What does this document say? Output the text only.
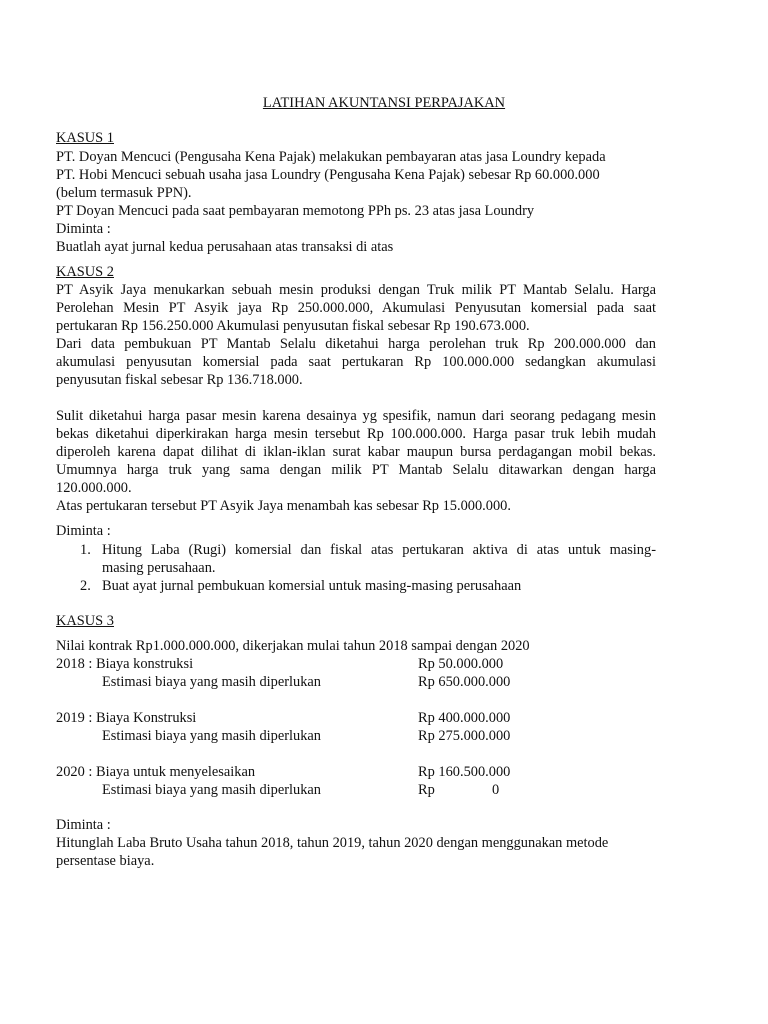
LATIHAN AKUNTANSI PERPAJAKAN
KASUS 1
PT. Doyan Mencuci (Pengusaha Kena Pajak) melakukan pembayaran atas jasa Loundry kepada
PT. Hobi Mencuci sebuah usaha jasa Loundry (Pengusaha Kena Pajak) sebesar Rp 60.000.000
(belum termasuk PPN).
PT Doyan Mencuci pada saat pembayaran memotong PPh ps. 23 atas jasa Loundry
Diminta :
Buatlah ayat jurnal kedua perusahaan atas transaksi di atas
KASUS 2
PT Asyik Jaya menukarkan sebuah mesin produksi dengan Truk milik PT Mantab Selalu. Harga
Perolehan Mesin PT Asyik jaya Rp 250.000.000, Akumulasi Penyusutan komersial pada saat
pertukaran Rp 156.250.000 Akumulasi penyusutan fiskal sebesar Rp 190.673.000.
Dari data pembukuan PT Mantab Selalu diketahui harga perolehan truk Rp 200.000.000 dan
akumulasi penyusutan komersial pada saat pertukaran Rp 100.000.000 sedangkan akumulasi
penyusutan fiskal sebesar Rp 136.718.000.
Sulit diketahui harga pasar mesin karena desainya yg spesifik, namun dari seorang pedagang mesin
bekas diketahui diperkirakan harga mesin tersebut Rp 100.000.000. Harga pasar truk lebih mudah
diperoleh karena dapat dilihat di iklan-iklan surat kabar maupun bursa perdagangan mobil bekas.
Umumnya harga truk yang sama dengan milik PT Mantab Selalu ditawarkan dengan harga
120.000.000.
Atas pertukaran tersebut PT Asyik Jaya menambah kas sebesar Rp 15.000.000.
Diminta :
1. Hitung Laba (Rugi) komersial dan fiskal atas pertukaran aktiva di atas untuk masing-
masing perusahaan.
2. Buat ayat jurnal pembukuan komersial untuk masing-masing perusahaan
KASUS 3
Nilai kontrak Rp1.000.000.000, dikerjakan mulai tahun 2018 sampai dengan 2020
2018 : Biaya konstruksi	Rp 50.000.000
Estimasi biaya yang masih diperlukan	Rp 650.000.000
2019 : Biaya Konstruksi	Rp 400.000.000
Estimasi biaya yang masih diperlukan	Rp 275.000.000
2020 : Biaya untuk menyelesaikan	Rp 160.500.000
Estimasi biaya yang masih diperlukan	Rp	0
Diminta :
Hitunglah Laba Bruto Usaha tahun 2018, tahun 2019, tahun 2020 dengan menggunakan metode
persentase biaya.
